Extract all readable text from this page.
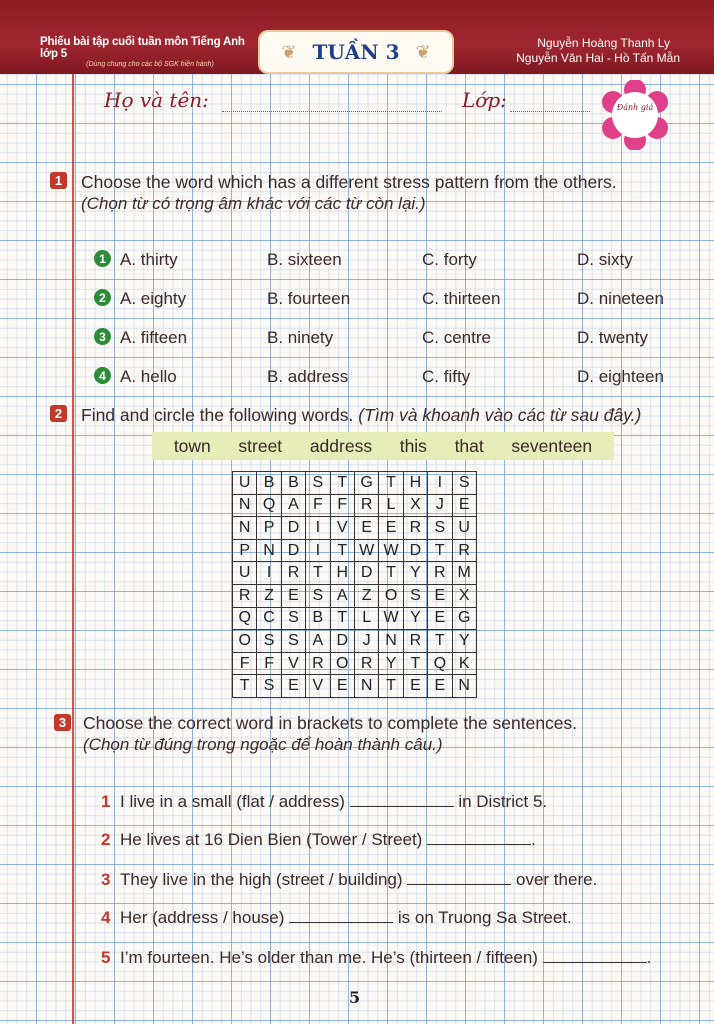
Phiếu bài tập cuối tuần môn Tiếng Anh lớp 5
(Dùng chung cho các bộ SGK hiện hành)
❦ TUẦN 3 ❦	Nguyễn Hoàng Thanh Ly
Nguyễn Văn Hai - Hồ Tấn Mẫn
Họ và tên:	Lớp:	Đánh giá
1 Choose the word which has a different stress pattern from the others.
(Chọn từ có trọng âm khác với các từ còn lại.)
1 A. thirty	B. sixteen	C. forty	D. sixty
2 A. eighty	B. fourteen	C. thirteen	D. nineteen
3 A. fifteen	B. ninety	C. centre	D. twenty
4 A. hello	B. address	C. fifty	D. eighteen
2 Find and circle the following words. (Tìm và khoanh vào các từ sau đây.)
town street address this that seventeen
U	B	B	S	T	G	T	H	I	S
N	Q	A	F	F	R	L	X	J	E
N	P	D	I	V	E	E	R	S	U
P	N	D	I	T	W	W	D	T	R
U	I	R	T	H	D	T	Y	R	M
R	Z	E	S	A	Z	O	S	E	X
Q	C	S	B	T	L	W	Y	E	G
O	S	S	A	D	J	N	R	T	Y
F	F	V	R	O	R	Y	T	Q	K
T	S	E	V	E	N	T	E	E	N
3 Choose the correct word in brackets to complete the sentences.
(Chọn từ đúng trong ngoặc để hoàn thành câu.)
1 I live in a small (flat / address)	in District 5.
2 He lives at 16 Dien Bien (Tower / Street)	.
3 They live in the high (street / building)	over there.
4 Her (address / house)	is on Truong Sa Street.
5 I’m fourteen. He’s older than me. He’s (thirteen / fifteen)	.
5
